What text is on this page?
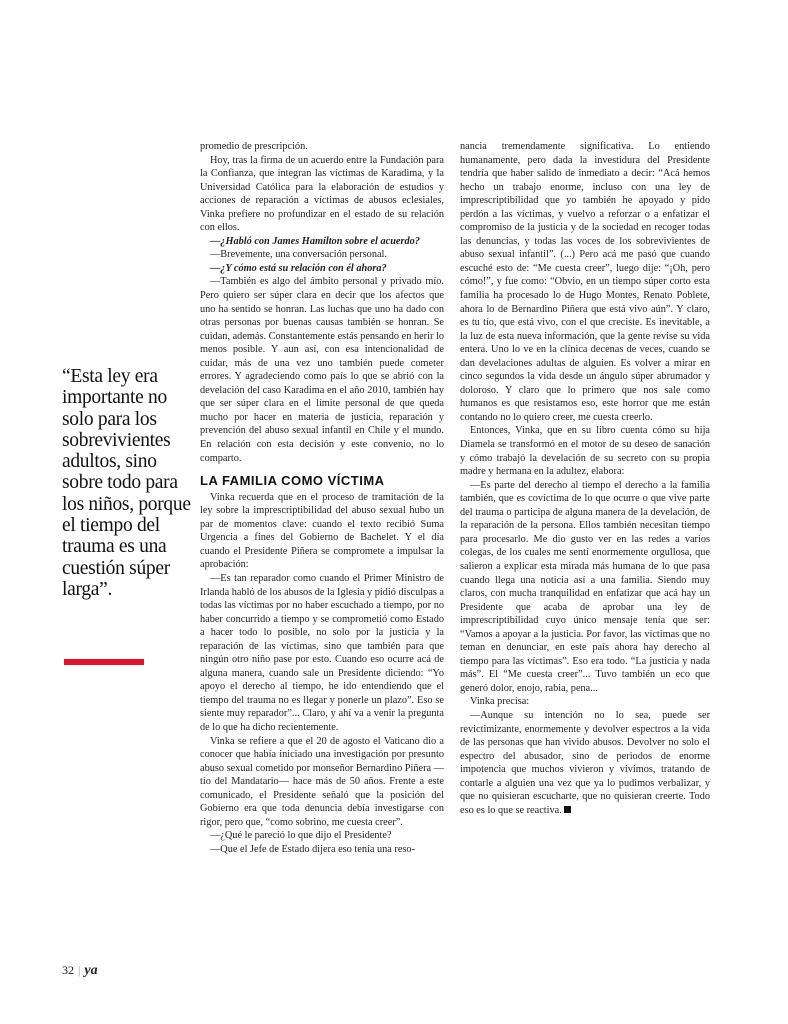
“Esta ley era importante no solo para los sobrevivientes adultos, sino sobre todo para los niños, porque el tiempo del trauma es una cuestión súper larga”.

promedio de prescripción.

Hoy, tras la firma de un acuerdo entre la Fundación para la Confianza, que integran las víctimas de Karadima, y la Universidad Católica para la elaboración de estudios y acciones de reparación a víctimas de abusos eclesiales, Vinka prefiere no profundizar en el estado de su relación con ellos.

—¿Habló con James Hamilton sobre el acuerdo?

—Brevemente, una conversación personal.

—¿Y cómo está su relación con él ahora?

—También es algo del ámbito personal y privado mío. Pero quiero ser súper clara en decir que los afectos que uno ha sentido se honran. Las luchas que uno ha dado con otras personas por buenas causas también se honran. Se cuidan, además. Constantemente estás pensando en herir lo menos posible. Y aun así, con esa intencionalidad de cuidar, más de una vez uno también puede cometer errores. Y agradeciendo como país lo que se abrió con la develación del caso Karadima en el año 2010, también hay que ser súper clara en el límite personal de que queda mucho por hacer en materia de justicia, reparación y prevención del abuso sexual infantil en Chile y el mundo. En relación con esta decisión y este convenio, no lo comparto.

LA FAMILIA COMO VÍCTIMA

Vinka recuerda que en el proceso de tramitación de la ley sobre la imprescriptibilidad del abuso sexual hubo un par de momentos clave: cuando el texto recibió Suma Urgencia a fines del Gobierno de Bachelet. Y el día cuando el Presidente Piñera se compromete a impulsar la aprobación:

—Es tan reparador como cuando el Primer Ministro de Irlanda habló de los abusos de la Iglesia y pidió disculpas a todas las víctimas por no haber escuchado a tiempo, por no haber concurrido a tiempo y se comprometió como Estado a hacer todo lo posible, no solo por la justicia y la reparación de las víctimas, sino que también para que ningún otro niño pase por esto. Cuando eso ocurre acá de alguna manera, cuando sale un Presidente diciendo: “Yo apoyo el derecho al tiempo, he ido entendiendo que el tiempo del trauma no es llegar y ponerle un plazo”. Eso se siente muy reparador”... Claro, y ahí va a venir la pregunta de lo que ha dicho recientemente.

Vinka se refiere a que el 20 de agosto el Vaticano dio a conocer que había iniciado una investigación por presunto abuso sexual cometido por monseñor Bernardino Piñera —tío del Mandatario— hace más de 50 años. Frente a este comunicado, el Presidente señaló que la posición del Gobierno era que toda denuncia debía investigarse con rigor, pero que, “como sobrino, me cuesta creer”.

—¿Qué le pareció lo que dijo el Presidente?

—Que el Jefe de Estado dijera eso tenía una reso-

nancia tremendamente significativa. Lo entiendo humanamente, pero dada la investidura del Presidente tendría que haber salido de inmediato a decir: “Acá hemos hecho un trabajo enorme, incluso con una ley de imprescriptibilidad que yo también he apoyado y pido perdón a las víctimas, y vuelvo a reforzar o a enfatizar el compromiso de la justicia y de la sociedad en recoger todas las denuncias, y todas las voces de los sobrevivientes de abuso sexual infantil”. (...) Pero acá me pasó que cuando escuché esto de: “Me cuesta creer”, luego dije: “¡Oh, pero cómo!”, y fue como: “Obvio, en un tiempo súper corto esta familia ha procesado lo de Hugo Montes, Renato Poblete, ahora lo de Bernardino Piñera que está vivo aún”. Y claro, es tu tío, que está vivo, con el que creciste. Es inevitable, a la luz de esta nueva información, que la gente revise su vida entera. Uno lo ve en la clínica decenas de veces, cuando se dan develaciones adultas de alguien. Es volver a mirar en cinco segundos la vida desde un ángulo súper abrumador y doloroso. Y claro que lo primero que nos sale como humanos es que resistamos eso, este horror que me están contando no lo quiero creer, me cuesta creerlo.

Entonces, Vinka, que en su libro cuenta cómo su hija Diamela se transformó en el motor de su deseo de sanación y cómo trabajó la develación de su secreto con su propia madre y hermana en la adultez, elabora:

—Es parte del derecho al tiempo el derecho a la familia también, que es covíctima de lo que ocurre o que vive parte del trauma o participa de alguna manera de la develación, de la reparación de la persona. Ellos también necesitan tiempo para procesarlo. Me dio gusto ver en las redes a varios colegas, de los cuales me sentí enormemente orgullosa, que salieron a explicar esta mirada más humana de lo que pasa cuando llega una noticia así a una familia. Siendo muy claros, con mucha tranquilidad en enfatizar que acá hay un Presidente que acaba de aprobar una ley de imprescriptibilidad cuyo único mensaje tenía que ser: “Vamos a apoyar a la justicia. Por favor, las víctimas que no teman en denunciar, en este país ahora hay derecho al tiempo para las víctimas”. Eso era todo. “La justicia y nada más”. El “Me cuesta creer”... Tuvo también un eco que generó dolor, enojo, rabia, pena...

Vinka precisa:

—Aunque su intención no lo sea, puede ser revictimizante, enormemente y devolver espectros a la vida de las personas que han vivido abusos. Devolver no solo el espectro del abusador, sino de periodos de enorme impotencia que muchos vivieron y vivimos, tratando de contarle a alguien una vez que ya lo pudimos verbalizar, y que no quisieran escucharte, que no quisieran creerte. Todo eso es lo que se reactiva.

32 | ya
